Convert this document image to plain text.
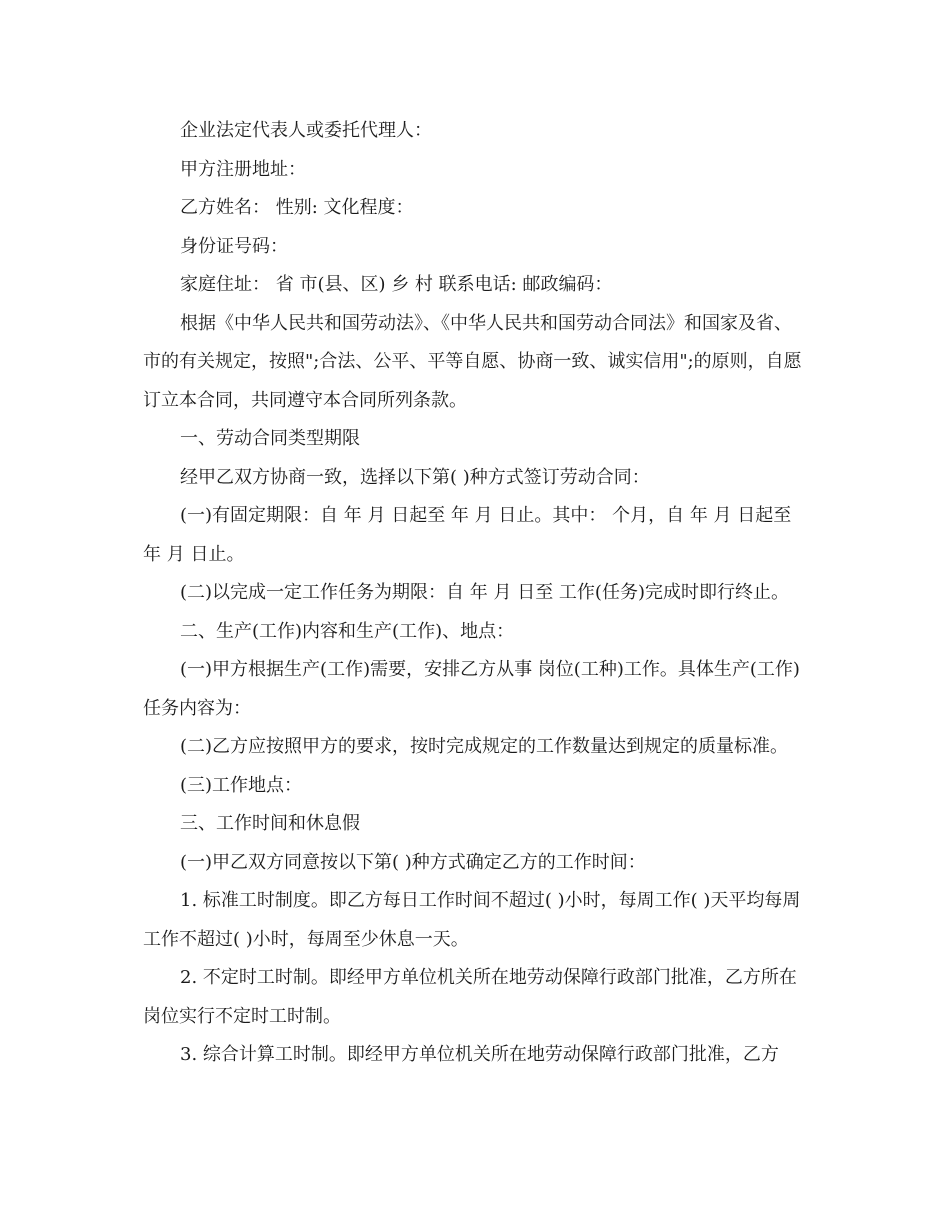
企业法定代表人或委托代理人：

甲方注册地址：

乙方姓名： 性别: 文化程度：

身份证号码：

家庭住址： 省 市(县、区) 乡 村 联系电话: 邮政编码：

根据《中华人民共和国劳动法》、《中华人民共和国劳动合同法》和国家及省、市的有关规定，按照";合法、公平、平等自愿、协商一致、诚实信用";的原则，自愿订立本合同，共同遵守本合同所列条款。

一、劳动合同类型期限

经甲乙双方协商一致，选择以下第( )种方式签订劳动合同：

(一)有固定期限：自 年 月 日起至 年 月 日止。其中： 个月，自 年 月 日起至年 月 日止。

(二)以完成一定工作任务为期限：自 年 月 日至 工作(任务)完成时即行终止。

二、生产(工作)内容和生产(工作)、地点：

(一)甲方根据生产(工作)需要，安排乙方从事 岗位(工种)工作。具体生产(工作)任务内容为：

(二)乙方应按照甲方的要求，按时完成规定的工作数量达到规定的质量标准。

(三)工作地点：

三、工作时间和休息假

(一)甲乙双方同意按以下第( )种方式确定乙方的工作时间：

1. 标准工时制度。即乙方每日工作时间不超过( )小时，每周工作( )天平均每周工作不超过( )小时，每周至少休息一天。

2. 不定时工时制。即经甲方单位机关所在地劳动保障行政部门批准，乙方所在岗位实行不定时工时制。

3. 综合计算工时制。即经甲方单位机关所在地劳动保障行政部门批准，乙方
